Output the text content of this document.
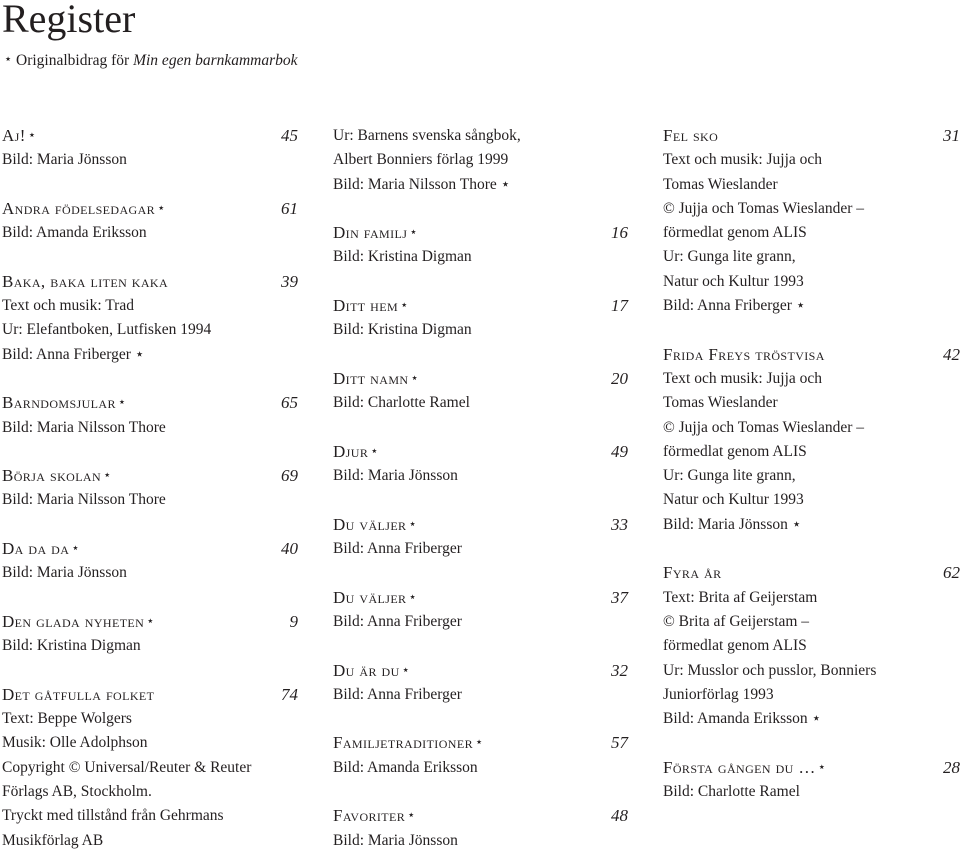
Register
⋆ Originalbidrag för Min egen barnkammarbok
Aj! ⋆	45
Bild: Maria Jönsson
Andra födelsedagar ⋆	61
Bild: Amanda Eriksson
Baka, baka liten kaka	39
Text och musik: Trad
Ur: Elefantboken, Lutfisken 1994
Bild: Anna Friberger ⋆
Barndomsjular ⋆	65
Bild: Maria Nilsson Thore
Börja skolan ⋆	69
Bild: Maria Nilsson Thore
Da da da ⋆	40
Bild: Maria Jönsson
Den glada nyheten ⋆	9
Bild: Kristina Digman
Det gåtfulla folket	74
Text: Beppe Wolgers
Musik: Olle Adolphson
Copyright © Universal/Reuter & Reuter
Förlags AB, Stockholm.
Tryckt med tillstånd från Gehrmans
Musikförlag AB
Ur: Barnens svenska sångbok,
Albert Bonniers förlag 1999
Bild: Maria Nilsson Thore ⋆
Din familj ⋆	16
Bild: Kristina Digman
Ditt hem ⋆	17
Bild: Kristina Digman
Ditt namn ⋆	20
Bild: Charlotte Ramel
Djur ⋆	49
Bild: Maria Jönsson
Du väljer ⋆	33
Bild: Anna Friberger
Du väljer ⋆	37
Bild: Anna Friberger
Du är du ⋆	32
Bild: Anna Friberger
Familjetraditioner ⋆	57
Bild: Amanda Eriksson
Favoriter ⋆	48
Bild: Maria Jönsson
Fel sko	31
Text och musik: Jujja och
Tomas Wieslander
© Jujja och Tomas Wieslander –
förmedlat genom ALIS
Ur: Gunga lite grann,
Natur och Kultur 1993
Bild: Anna Friberger ⋆
Frida Freys tröstvisa	42
Text och musik: Jujja och
Tomas Wieslander
© Jujja och Tomas Wieslander –
förmedlat genom ALIS
Ur: Gunga lite grann,
Natur och Kultur 1993
Bild: Maria Jönsson ⋆
Fyra år	62
Text: Brita af Geijerstam
© Brita af Geijerstam –
förmedlat genom ALIS
Ur: Musslor och pusslor, Bonniers
Juniorförlag 1993
Bild: Amanda Eriksson ⋆
Första gången du … ⋆	28
Bild: Charlotte Ramel
